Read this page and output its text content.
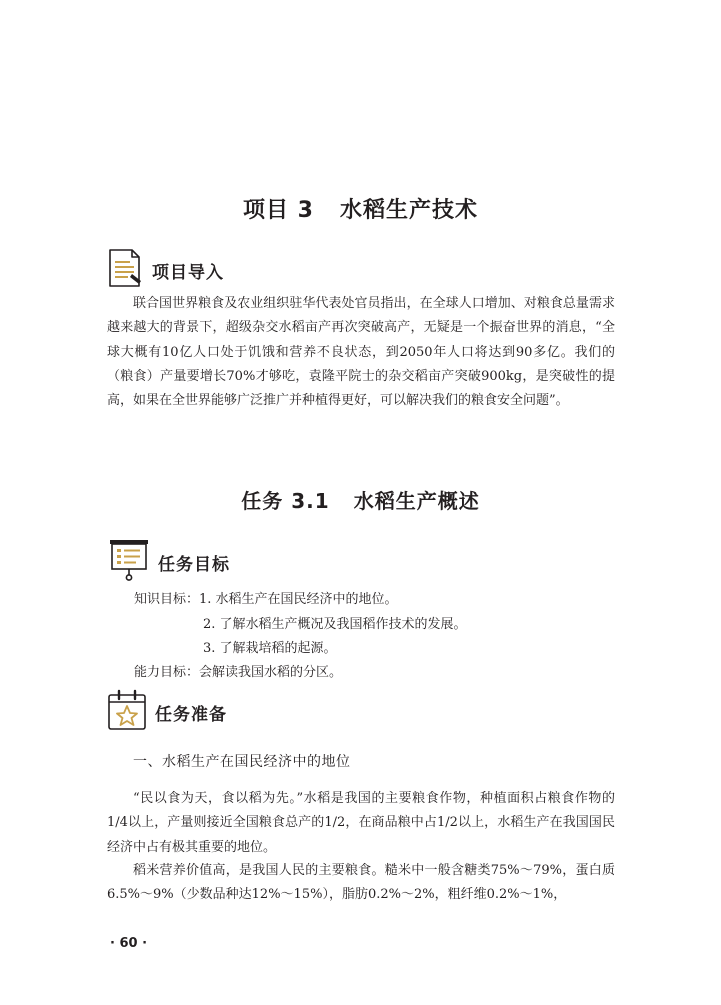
项目 3 水稻生产技术
项目导入

联合国世界粮食及农业组织驻华代表处官员指出，在全球人口增加、对粮食总量需求越来越大的背景下，超级杂交水稻亩产再次突破高产，无疑是一个振奋世界的消息，“全球大概有10亿人口处于饥饿和营养不良状态，到2050年人口将达到90多亿。我们的（粮食）产量要增长70%才够吃，袁隆平院士的杂交稻亩产突破900kg，是突破性的提高，如果在全世界能够广泛推广并种植得更好，可以解决我们的粮食安全问题”。

任务 3.1 水稻生产概述
任务目标
知识目标：1. 水稻生产在国民经济中的地位。
2. 了解水稻生产概况及我国稻作技术的发展。
3. 了解栽培稻的起源。
能力目标：会解读我国水稻的分区。
任务准备
一、水稻生产在国民经济中的地位

“民以食为天，食以稻为先。”水稻是我国的主要粮食作物，种植面积占粮食作物的1/4以上，产量则接近全国粮食总产的1/2，在商品粮中占1/2以上，水稻生产在我国国民经济中占有极其重要的地位。

稻米营养价值高，是我国人民的主要粮食。糙米中一般含糖类75%～79%，蛋白质6.5%～9%（少数品种达12%～15%），脂肪0.2%～2%，粗纤维0.2%～1%，

· 60 ·
